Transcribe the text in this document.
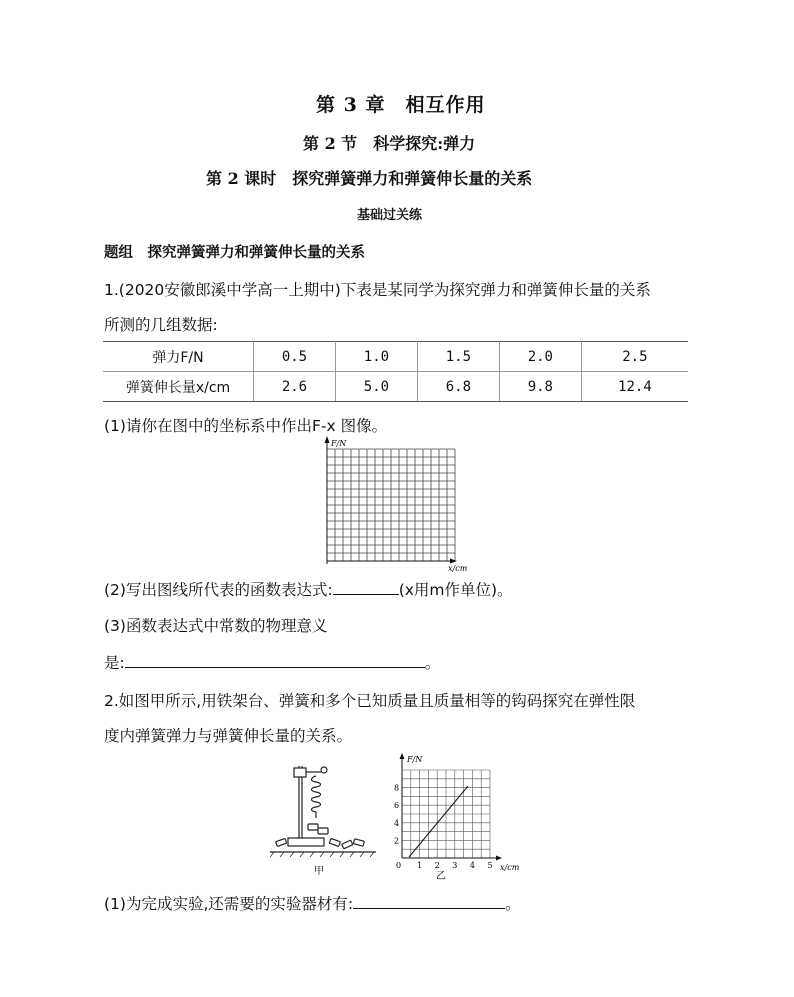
第 3 章　相互作用
第 2 节　科学探究:弹力
第 2 课时　探究弹簧弹力和弹簧伸长量的关系
基础过关练
题组　探究弹簧弹力和弹簧伸长量的关系
1.(2020安徽郎溪中学高一上期中)下表是某同学为探究弹力和弹簧伸长量的关系
所测的几组数据:
弹力F/N	0.5	1.0	1.5	2.0	2.5
弹簧伸长量x/cm	2.6	5.0	6.8	9.8	12.4
(1)请你在图中的坐标系中作出F-x 图像。
F/N
x/cm
(2)写出图线所代表的函数表达式:	(x用m作单位)。
(3)函数表达式中常数的物理意义
是:	。
2.如图甲所示,用铁架台、弹簧和多个已知质量且质量相等的钩码探究在弹性限
度内弹簧弹力与弹簧伸长量的关系。
甲
F/N
x/cm
2
4
6
8
0 1 2 3 4 5
乙
(1)为完成实验,还需要的实验器材有:	。
